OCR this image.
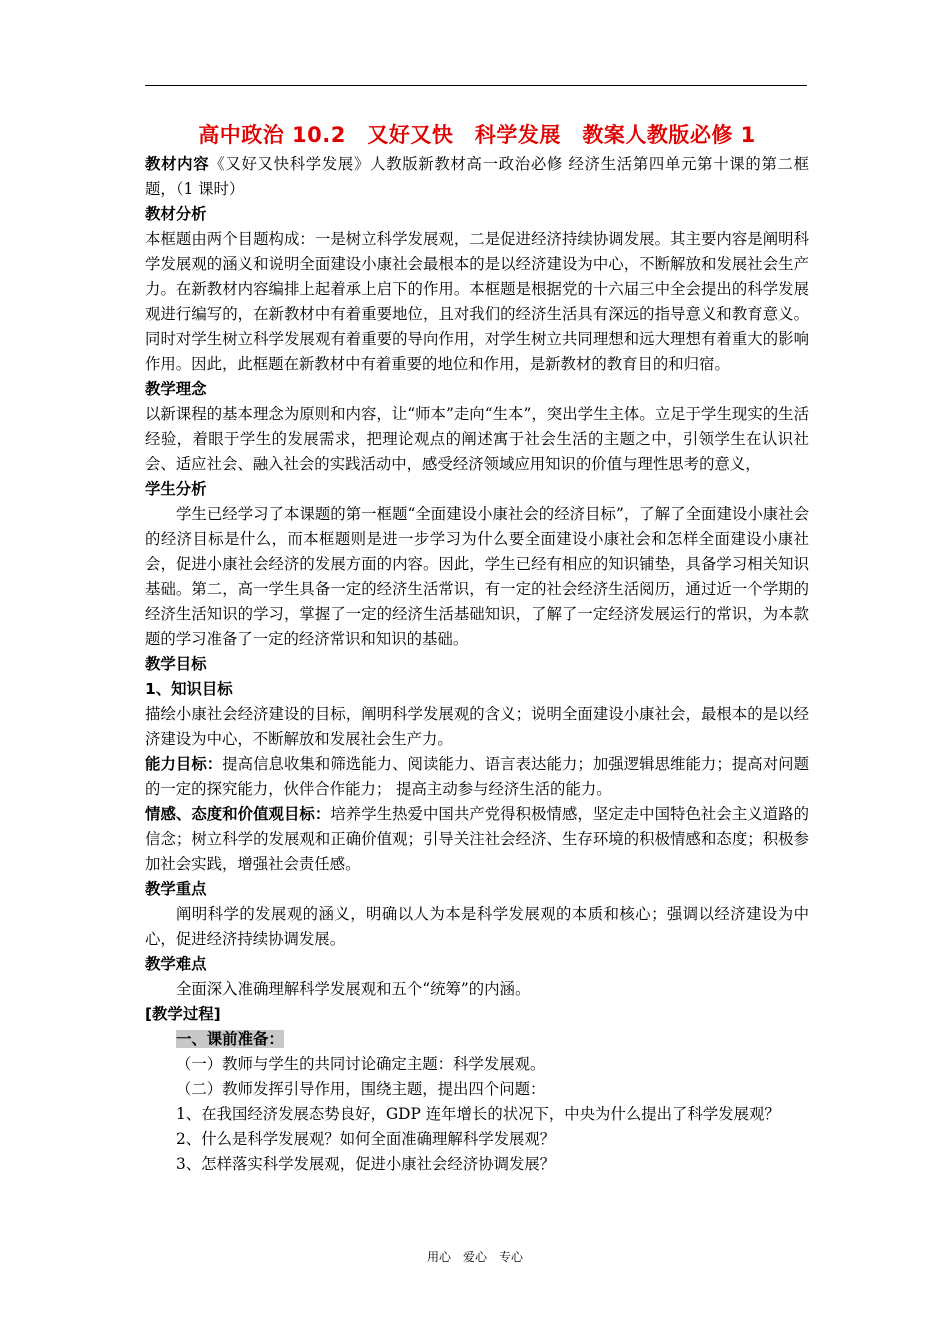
高中政治 10.2　又好又快　科学发展　教案人教版必修 1

教材内容《又好又快科学发展》人教版新教材高一政治必修 经济生活第四单元第十课的第二框题，（1 课时）

教材分析

本框题由两个目题构成：一是树立科学发展观，二是促进经济持续协调发展。其主要内容是阐明科学发展观的涵义和说明全面建设小康社会最根本的是以经济建设为中心，不断解放和发展社会生产力。在新教材内容编排上起着承上启下的作用。本框题是根据党的十六届三中全会提出的科学发展观进行编写的，在新教材中有着重要地位，且对我们的经济生活具有深远的指导意义和教育意义。同时对学生树立科学发展观有着重要的导向作用，对学生树立共同理想和远大理想有着重大的影响作用。因此，此框题在新教材中有着重要的地位和作用，是新教材的教育目的和归宿。

教学理念

以新课程的基本理念为原则和内容，让“师本”走向“生本”，突出学生主体。立足于学生现实的生活经验，着眼于学生的发展需求，把理论观点的阐述寓于社会生活的主题之中，引领学生在认识社会、适应社会、融入社会的实践活动中，感受经济领域应用知识的价值与理性思考的意义，

学生分析

学生已经学习了本课题的第一框题“全面建设小康社会的经济目标”，了解了全面建设小康社会的经济目标是什么，而本框题则是进一步学习为什么要全面建设小康社会和怎样全面建设小康社会，促进小康社会经济的发展方面的内容。因此，学生已经有相应的知识铺垫，具备学习相关知识基础。第二，高一学生具备一定的经济生活常识，有一定的社会经济生活阅历，通过近一个学期的经济生活知识的学习，掌握了一定的经济生活基础知识，了解了一定经济发展运行的常识，为本款题的学习准备了一定的经济常识和知识的基础。

教学目标

1、知识目标

描绘小康社会经济建设的目标，阐明科学发展观的含义；说明全面建设小康社会，最根本的是以经济建设为中心，不断解放和发展社会生产力。

能力目标：提高信息收集和筛选能力、阅读能力、语言表达能力；加强逻辑思维能力；提高对问题的一定的探究能力，伙伴合作能力； 提高主动参与经济生活的能力。

情感、态度和价值观目标：培养学生热爱中国共产党得积极情感，坚定走中国特色社会主义道路的信念；树立科学的发展观和正确价值观；引导关注社会经济、生存环境的积极情感和态度；积极参加社会实践，增强社会责任感。

教学重点

阐明科学的发展观的涵义，明确以人为本是科学发展观的本质和核心；强调以经济建设为中心，促进经济持续协调发展。

教学难点

全面深入准确理解科学发展观和五个“统筹”的内涵。

[教学过程]

一、课前准备：

（一）教师与学生的共同讨论确定主题：科学发展观。

（二）教师发挥引导作用，围绕主题，提出四个问题：

1、在我国经济发展态势良好，GDP 连年增长的状况下，中央为什么提出了科学发展观？

2、什么是科学发展观？如何全面准确理解科学发展观？

3、怎样落实科学发展观，促进小康社会经济协调发展？

用心　爱心　专心
